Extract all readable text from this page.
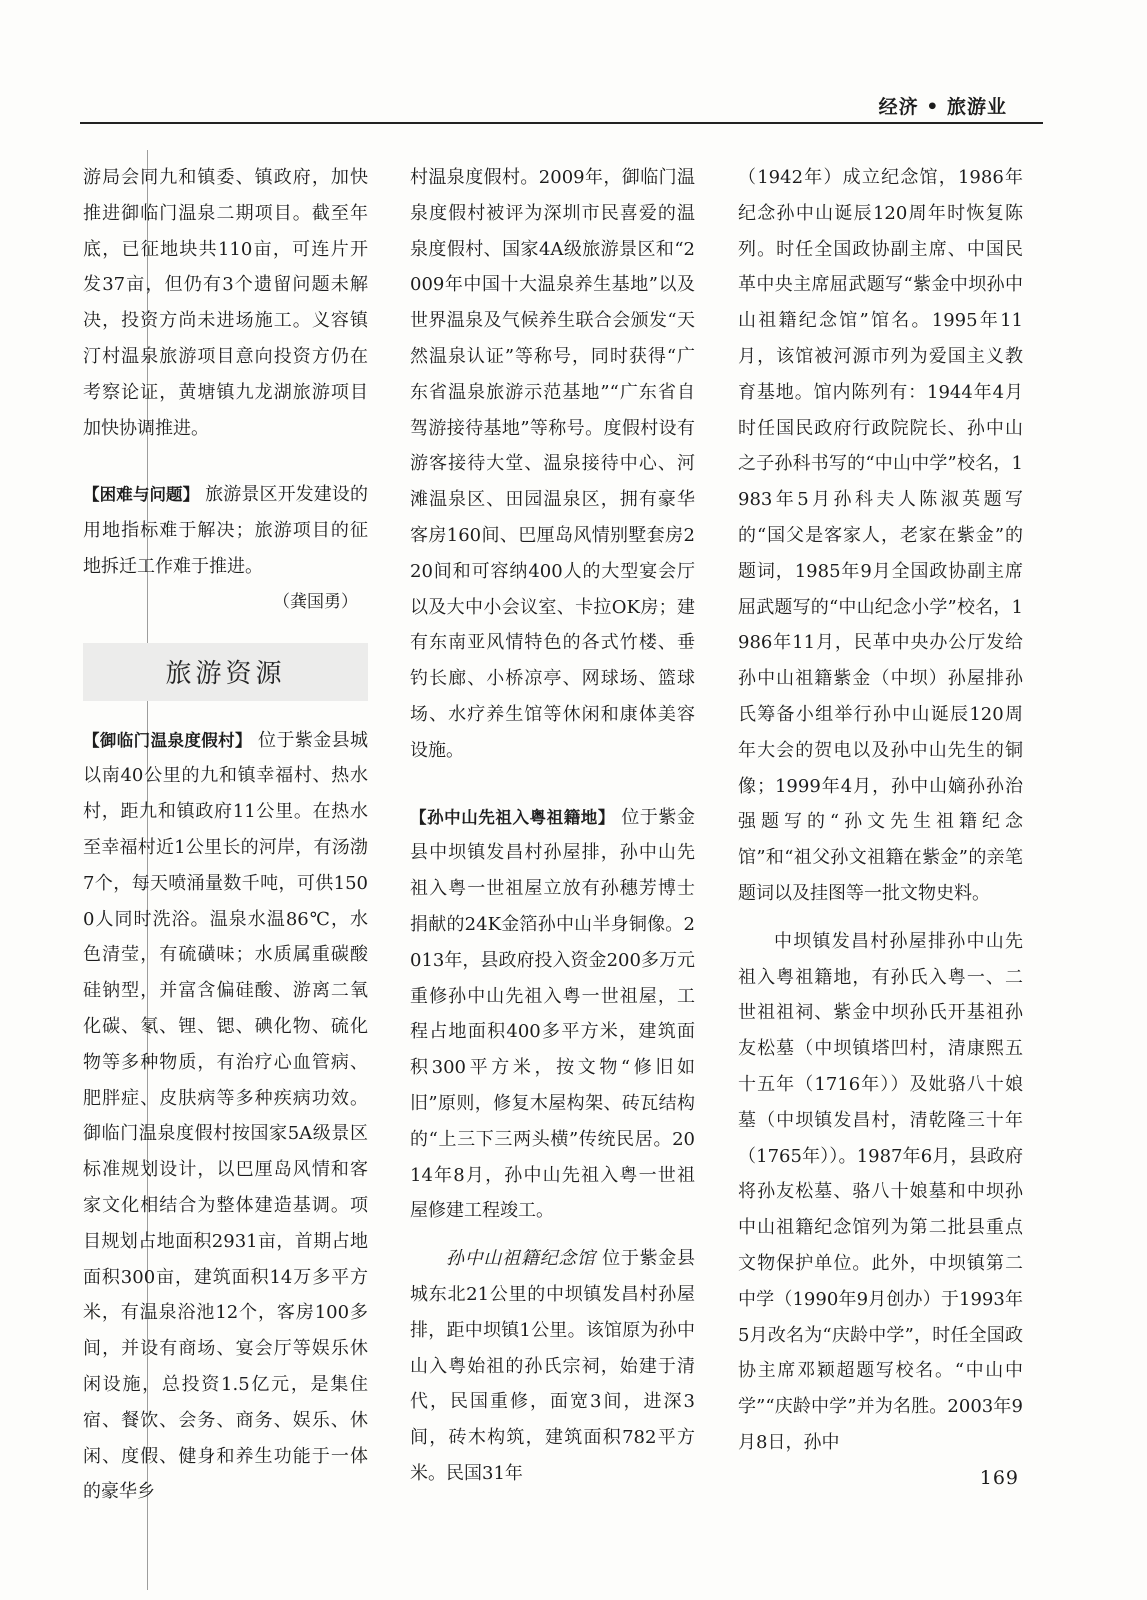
经济 • 旅游业

游局会同九和镇委、镇政府，加快推进御临门温泉二期项目。截至年底，已征地块共110亩，可连片开发37亩，但仍有3个遗留问题未解决，投资方尚未进场施工。义容镇汀村温泉旅游项目意向投资方仍在考察论证，黄塘镇九龙湖旅游项目加快协调推进。

【困难与问题】 旅游景区开发建设的用地指标难于解决；旅游项目的征地拆迁工作难于推进。

（龚国勇）

旅游资源

【御临门温泉度假村】 位于紫金县城以南40公里的九和镇幸福村、热水村，距九和镇政府11公里。在热水至幸福村近1公里长的河岸，有汤渤7个，每天喷涌量数千吨，可供1500人同时洗浴。温泉水温86℃，水色清莹，有硫磺味；水质属重碳酸硅钠型，并富含偏硅酸、游离二氧化碳、氡、锂、锶、碘化物、硫化物等多种物质，有治疗心血管病、肥胖症、皮肤病等多种疾病功效。御临门温泉度假村按国家5A级景区标准规划设计，以巴厘岛风情和客家文化相结合为整体建造基调。项目规划占地面积2931亩，首期占地面积300亩，建筑面积14万多平方米，有温泉浴池12个，客房100多间，并设有商场、宴会厅等娱乐休闲设施，总投资1.5亿元，是集住宿、餐饮、会务、商务、娱乐、休闲、度假、健身和养生功能于一体的豪华乡

村温泉度假村。2009年，御临门温泉度假村被评为深圳市民喜爱的温泉度假村、国家4A级旅游景区和“2009年中国十大温泉养生基地”以及世界温泉及气候养生联合会颁发“天然温泉认证”等称号，同时获得“广东省温泉旅游示范基地”“广东省自驾游接待基地”等称号。度假村设有游客接待大堂、温泉接待中心、河滩温泉区、田园温泉区，拥有豪华客房160间、巴厘岛风情别墅套房220间和可容纳400人的大型宴会厅以及大中小会议室、卡拉OK房；建有东南亚风情特色的各式竹楼、垂钓长廊、小桥凉亭、网球场、篮球场、水疗养生馆等休闲和康体美容设施。

【孙中山先祖入粤祖籍地】 位于紫金县中坝镇发昌村孙屋排，孙中山先祖入粤一世祖屋立放有孙穗芳博士捐献的24K金箔孙中山半身铜像。2013年，县政府投入资金200多万元重修孙中山先祖入粤一世祖屋，工程占地面积400多平方米，建筑面积300平方米，按文物“修旧如旧”原则，修复木屋构架、砖瓦结构的“上三下三两头横”传统民居。2014年8月，孙中山先祖入粤一世祖屋修建工程竣工。

孙中山祖籍纪念馆 位于紫金县城东北21公里的中坝镇发昌村孙屋排，距中坝镇1公里。该馆原为孙中山入粤始祖的孙氏宗祠，始建于清代，民国重修，面宽3间，进深3间，砖木构筑，建筑面积782平方米。民国31年

（1942年）成立纪念馆，1986年纪念孙中山诞辰120周年时恢复陈列。时任全国政协副主席、中国民革中央主席屈武题写“紫金中坝孙中山祖籍纪念馆”馆名。1995年11月，该馆被河源市列为爱国主义教育基地。馆内陈列有：1944年4月时任国民政府行政院院长、孙中山之子孙科书写的“中山中学”校名，1983年5月孙科夫人陈淑英题写的“国父是客家人，老家在紫金”的题词，1985年9月全国政协副主席屈武题写的“中山纪念小学”校名，1986年11月，民革中央办公厅发给孙中山祖籍紫金（中坝）孙屋排孙氏筹备小组举行孙中山诞辰120周年大会的贺电以及孙中山先生的铜像；1999年4月，孙中山嫡孙孙治强题写的“孙文先生祖籍纪念馆”和“祖父孙文祖籍在紫金”的亲笔题词以及挂图等一批文物史料。

中坝镇发昌村孙屋排孙中山先祖入粤祖籍地，有孙氏入粤一、二世祖祖祠、紫金中坝孙氏开基祖孙友松墓（中坝镇塔凹村，清康熙五十五年（1716年））及妣骆八十娘墓（中坝镇发昌村，清乾隆三十年（1765年））。1987年6月，县政府将孙友松墓、骆八十娘墓和中坝孙中山祖籍纪念馆列为第二批县重点文物保护单位。此外，中坝镇第二中学（1990年9月创办）于1993年5月改名为“庆龄中学”，时任全国政协主席邓颖超题写校名。“中山中学”“庆龄中学”并为名胜。2003年9月8日，孙中

169
